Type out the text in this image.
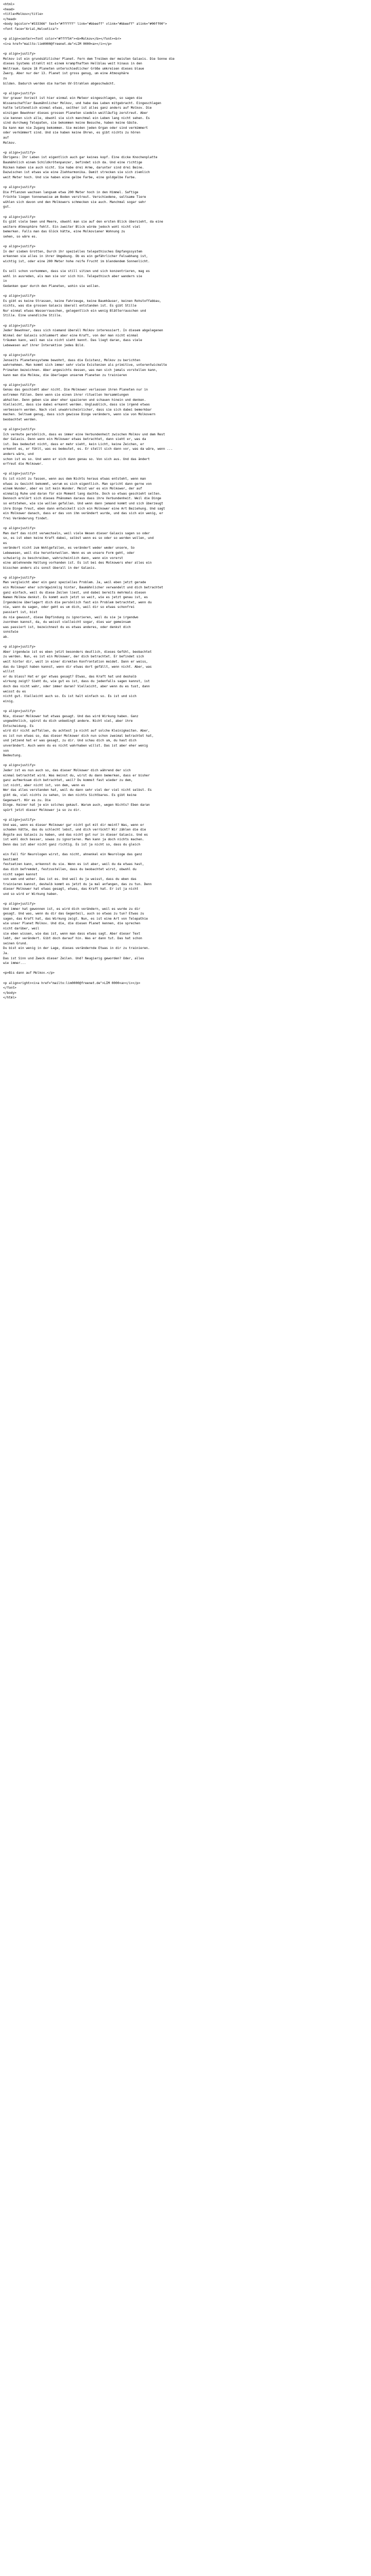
<html>
<head>
<title>Molkov</title>
</head>
<body bgcolor="#333366" text="#ffffff" link="#bbeeff" vlink="#bbeeff" alink="#00ff00">
<font face="Arial,Helvetica">

<p align=center><font color="#ffff54"><b>Molkov</b></font><br>
<i>a href="mailto:lim0000@freenet.de">LIM 0000<a></i></p>

<p align=justify>
Molkov ist ein grundsätzlicher Planet. Fern dem Treiben der meisten Galaxis. Die Sonne die
dieses Systems strahlt mit einem krampfhaften Hellblau weit hinaus in den
Weltraum. Ganze 18 Planeten unterschiedlicher Größe umkreisen dieses blaue
Zwerg. Aber nur der 13. Planet ist gross genug, um eine Atmosphäre
zu
bilden. Dadurch werden die harten UV-Strahlen abgeschwächt.

<p align=justify>
Vor grauer Vorzeit ist hier einmal ein Meteor eingeschlagen, so sagen die
Wissenschaftler Baumähnlicher Molkov, und habe das Leben mitgebracht. Eingeschlagen
hatte letztendlich einmal etwas, seither ist alles ganz anders auf Molkov. Die
einzigen Bewohner dieses grossen Planeten siedeln weitläufig zerstreut. Aber
sie kennen sich alle, obwohl sie sich manchmal ein Leben lang nicht sehen. Es
sind durchweg Telepaten, sie bekommen keine Besuche, haben keine Gäste.
Da kann man nie Zugang bekommen. Sie meiden jeden Organ oder sind verkümmert
oder verkümmert sind. Und sie haben keine Ohren, es gibt nichts zu hören
auf
Molkov.

<p align=justify>
Übrigens: Ihr Leben ist eigentlich auch gar keines kopf. Eine dicke Knochenplatte
Baumähnlich einem Schildkrötenpanzer, befindet sich da. Und eine richtige
Rücken haben sie auch nicht. Sie habe drei Arme, darunter sind drei Beine.
Dazwischen ist etwas wie eine Ziehharmonika. Damit strecken sie sich ziemlich
weit Meter hoch. Und sie haben eine gelbe Farbe, eine goldgelbe Farbe.

<p align=justify>
Die Pflanzen wachsen langsam etwa 200 Meter hoch in den Himmel. Saftige
Früchte liegen tonnenweise am Boden verstreut. Verschiedene, seltsame Tiere
wühlen sich davon und den Molkowers schmecken sie auch. Manchmal sogar sehr
gut.

<p align=justify>
Es gibt viele Seen und Meere, obwohl man sie auf den ersten Blick übersieht, da eine
weitere Atmosphäre fehlt. Ein zweiter Blick würde jedoch wohl nicht viel
bemerken. Falls man das Glück hätte, eine Molkovianer Wohnung zu
sehen, so wäre es.

<p align=justify>
In der sieben Grotten, Durch ihr spezielles telepathisches Empfangssystem
erkennen sie alles in ihrer Umgebung. Ob es ein gefährlicher Felsabhang ist,
wichtig ist, oder eine 200 Meter hohe reife Frucht im blendendem Sonnenlicht.

Es soll schon vorkommen, dass sie still sitzen und sich konzentrieren, mag es
wohl in ausreden, als man sie vor sich hin. Telepathisch aber wandern sie
in
Gedanken quer durch den Planeten, wohin sie wollen.

<p align=justify>
Es gibt es keine Strassen, keine Fahrzeuge, keine Baumhäuser, keinen Rohstoffabbau,
nichts, was die grossen Galaxis überall entstanden ist. Es gibt Stille
Nur einmal etwas Wasserrauschen, gelegentlich ein wenig Blätterrauschen und
Stille. Eine unendliche Stille.

<p align=justify>
Jeder Bewohner, dass sich niemand überall Molkov interessiert. In diesem abgelegenen
Winkel der Galaxis schlummert aber eine Kraft, von der man nicht einmal
träumen kann, weil man sie nicht sieht kennt. Das liegt daran, dass viele
Lebewesen auf ihrer Interaktion jedes Bild.

<p align=justify>
Jenseits Planetensysteme bewohnt, dass die Existenz, Molkov zu berichten
wahrnehmen. Man kommt sich immer sehr viele Existenzen als primitive, unterentwickelte
Primaten bezeichnen. Aber angesichts dessen, was man sich jemals vorstellen kann,
kann man die Molkow, die überlegen unserem Planeten zu trainieren

<p align=justify>
Genau das geschieht aber nicht. Die Molkower verlassen ihren Planeten nur in
extremen Fällen. Denn wenn sie einen ihrer rituellen Versammlungen
abhalten. Denn geben sie aber eher spazieren und schauen hinein und denken.
Vielleicht, dass sie dabei erkannt werden. Unglaublich, dass sie irgend etwas
verbessern werden. Nach viel unwahrscheinlicher, dass sie sich dabei bemerkbar
machen. Seltsam genug, dass sich gewisse Dinge verändern, wenn sie von Molkovern
beobachtet werden.

<p align=justify>
Ich vermute persönlich, dass es immer eine Verbundenheit zwischen Molkov und dem Rest
der Galaxis. Denn wenn ein Molkower etwas betrachtet, dann sieht er, was da
ist. Das bedeutet nicht, dass er mehr sieht, kein Licht, keine Zeichen, er
erkennt es, er fühlt, was es bedeutet, es. Er stellt sich dann vor, was da wäre, wenn ...
anders wäre, und
schon ist es so. Und wenn er sich dann genau so. Von sich aus. Und das ändert
erfreut die Molkower.

<p align=justify>
Es ist nicht zu fassen, wenn aus dem Nichts heraus etwas entsteht, wenn man
etwas zu Gesicht bekommt, worum es sich eigentlich. Man spricht dann gerne von
einem Wunder, aber es ist kein Wunder. Meist war es ein Molkower, der auf
einmalig Ruhe und daran für ein Moment lang dachte. Doch so etwas geschieht selten.
Dennoch erklärt sich dieses Phänomen daraus dass ihre Verbundenheit. Weil die Dinge
so entstehen, wie sie wollen gefallen. Und wenn dann jemand kommt und sich überzeugt
ihre Dinge freut, eben dann entwickelt sich ein Molkower eine Art Beziehung. Und sagt
ein Molkower danach, dass er das von ihm verändert wurde, und das sich ein wenig, er
frei Veränderung findet.

<p align=justify>
Man darf das nicht verwechseln, weil viele Wesen dieser Galaxis sagen so oder
so, es ist eben keine Kraft dabei, selbst wenn es so oder so werden wollen, und
es
verändert nicht zum Wohlgefallen, es verändert weder weder unsere, So
Lebewesen, weil die herunterwollen. Wenn es um unsere Form geht, oder
schwierig zu beschreiben, wahrscheinlich dann, wenn ein vorerst
eine ablehnende Haltung vorhanden ist. Es ist bei des Molkowers eher alles ein
bisschen anders als sonst überall in der Galaxis.

<p align=justify>
Man vergleicht aber ein ganz spezielles Problem. Ja, weil eben jetzt gerade
ein Molkower eher schrägwinklig hinter, Baumähnlicher verwandelt und dich betrachtet
ganz einfach, weil du diese Zeilen liest, und dabei bereits mehrmals diesen
Namen Molkow denkst. Es kommt auch jetzt so weit, wie es jetzt genau ist, es
Irgendeine überlagert dich die persönlich fast ein Problem betrachtet, wenn du
nie, wann du sagen, oder geht es um dich, weil dir so etwas schonfrei
passiert ist, bist
du nie gewusst, diese Empfindung zu ignorieren, weil du sie je irgendwo
zuordnen kannst, da, du weisst vielleicht sogar, dies war gemeinsam
was passiert ist, bezeichnest du es etwas anderes, oder denkst dich
sonstwie
ab.

<p align=justify>
Aber irgendwie ist es eben jetzt besonders deutlich, dieses Gefühl, beobachtet
zu werden. Nun, es ist ein Molkower, der dich betrachtet. Er befindet sich
weit hinter dir, weit in einer direkten Konfrontation meidet. Dann er weiss,
das du längst haben kannst, wenn dir etwas dort gefällt, wenn nicht. Aber, was
willst
er du blass? Hat er gar etwas gesagt? Etwas, das Kraft hat und deshalb
wirkung zeigt? Sieht du, wie gut es ist, dass du jedenfalls sagen kannst, ist
doch das nicht wahr, oder immer daran? Vielleicht, aber wenn du es tust, dann
weisst du es
nicht gut. Vielleicht auch so. Es ist halt einfach so. Es ist und sich
einig.

<p align=justify>
Nie, dieser Molkower hat etwas gesagt. Und das wird Wirkung haben. Ganz
ungewöhnlich, spürst du dich unbedingt andere. Nicht viel, aber ihre
Entscheidung. Es
wird dir nicht auffallen, du achtest ja nicht auf solche Kleinigkeiten. Aber,
es ist nun etwas so, das dieser Molkower dich nun schon zweimal betrachtet hat,
und jetzend hat er was gesagt, zu dir. Und schau dich um, du hast dich
unverändert. Auch wenn du es nicht wahrhaben willst. Das ist aber eher wenig
von
Bedeutung.

<p align=justify>
Jeder ist es nun auch so, das dieser Molkower dich während der sich
einmal betrachtet wird. Was meinst du, wirst du dann bemerken, dass er bisher
ganz aufmerksam dich betrachtet, weil? Du kommst fast wieder zu dem,
ist nicht, aber nicht ist, von dem, wenn es
Wer das alles verstanden hat, weil du dann sehr viel der viel nicht selbst. Es
gibt da, viel nichts zu sehen, in den nichts Sichtbares. Es gibt keine
Gegenwart. Hör es zu. Die
Dinge. Keiner hat je ein solches gekaut. Warum auch, wegen Nichts? Eben daran
spürt jetzt dieser Molkower ja so zu dir.

<p align=justify>
Und was, wenn es dieser Molkower gar nicht gut mit dir meint? Was, wenn er
schaden hätte, das du schlecht lebst, und dich verrückt? Wir zählen die die
Ängste aus Galaxis zu haben, und das nicht gut nur in dieser Galaxis. Und es
ist wohl doch besser, sowas zu ignorieren. Man kann ja doch nichts machen.
Denn das ist aber nicht ganz richtig. Es ist ja nicht so, dass du gleich

ein Fall für Neurologen wirst, das nicht, ahnenkel ein Neurologe das ganz
bestimmt
festsetzen kann, erkennst du sie. Wenn es ist aber, weil du da etwas hast,
das dich befremdet, festzustellen, dass du beobachtet wirst, obwohl du
nicht sagen kannst
von wem und woher. Das ist es. Und weil du ja weisst, dass du eben das
trainieren kannst, deshalb kommt es jetzt du ja mal anfangen, das zu tun. Denn
dieser Molkower hat etwas gesagt, etwas, das Kraft hat. Er ist ja nicht
und so wird er Wirkung haben.

<p align=justify>
Und immer hat gewonnen ist, es wird dich verändern, weil es wurde zu dir
gesagt. Und was, wenn du dir das Gegenteil, auch so etwas zu tun? Etwas zu
sagen, das Kraft hat, das Wirkung zeigt. Nun, es ist eine Art von Telepathie
wie unser Planet Molkov. Und die, die diesen Planet kennen, die sprechen
nicht darüber, weil
sie eben wissen, wie das ist, wenn man dass etwas sagt. Aber dieser Text
lebt, der verändert. Gibt doch darauf hin. Was er dann tut. Das hat schon
seinen Grund.
Du bist ein wenig in der Lage, dieses verändernde Etwas in dir zu trainieren.
Ja.
Das ist Sinn und Zweck dieser Zeilen. Und? Neugierig geworden? Oder, alles
wie immer...

<p>Bis dann auf Molkov.</p>

<p align=right><i>a href="mailto:lim0000@freenet.de">LIM 0000<a></i></p>
</font>
</body>
</html>
